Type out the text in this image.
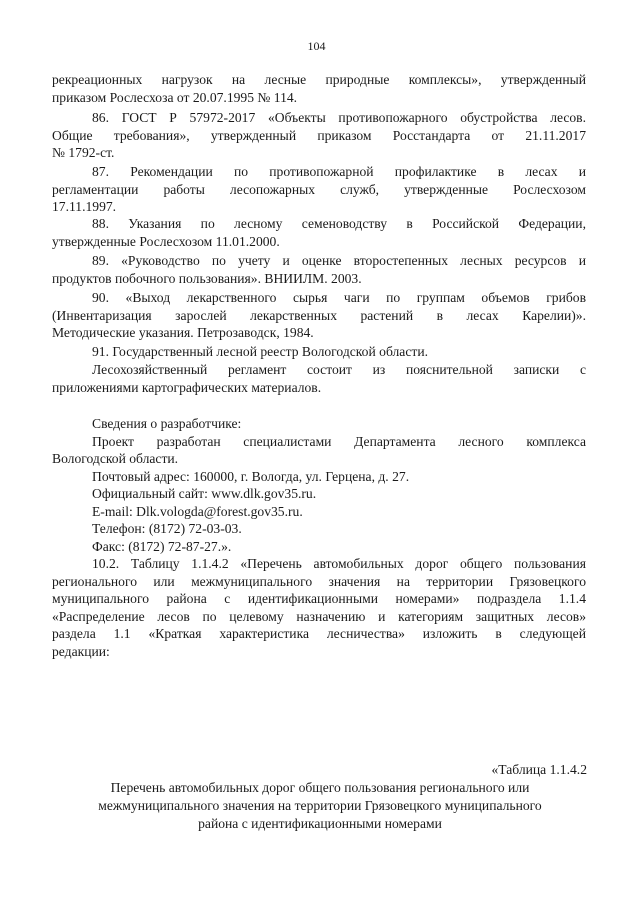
104
рекреационных нагрузок на лесные природные комплексы», утвержденный
приказом Рослесхоза от 20.07.1995 № 114.
86. ГОСТ Р 57972-2017 «Объекты противопожарного обустройства лесов.
Общие требования», утвержденный приказом Росстандарта от 21.11.2017
№ 1792-ст.
87. Рекомендации по противопожарной профилактике в лесах и
регламентации работы лесопожарных служб, утвержденные Рослесхозом
17.11.1997.
88. Указания по лесному семеноводству в Российской Федерации,
утвержденные Рослесхозом 11.01.2000.
89. «Руководство по учету и оценке второстепенных лесных ресурсов и
продуктов побочного пользования». ВНИИЛМ. 2003.
90. «Выход лекарственного сырья чаги по группам объемов грибов
(Инвентаризация зарослей лекарственных растений в лесах Карелии)».
Методические указания. Петрозаводск, 1984.
91. Государственный лесной реестр Вологодской области.
Лесохозяйственный регламент состоит из пояснительной записки с
приложениями картографических материалов.
Сведения о разработчике:
Проект разработан специалистами Департамента лесного комплекса
Вологодской области.
Почтовый адрес: 160000, г. Вологда, ул. Герцена, д. 27.
Официальный сайт: www.dlk.gov35.ru.
E-mail: Dlk.vologda@forest.gov35.ru.
Телефон: (8172) 72-03-03.
Факс: (8172) 72-87-27.».
10.2. Таблицу 1.1.4.2 «Перечень автомобильных дорог общего пользования
регионального или межмуниципального значения на территории Грязовецкого
муниципального района с идентификационными номерами» подраздела 1.1.4
«Распределение лесов по целевому назначению и категориям защитных лесов»
раздела 1.1 «Краткая характеристика лесничества» изложить в следующей
редакции:
«Таблица 1.1.4.2
Перечень автомобильных дорог общего пользования регионального или
межмуниципального значения на территории Грязовецкого муниципального
района с идентификационными номерами
